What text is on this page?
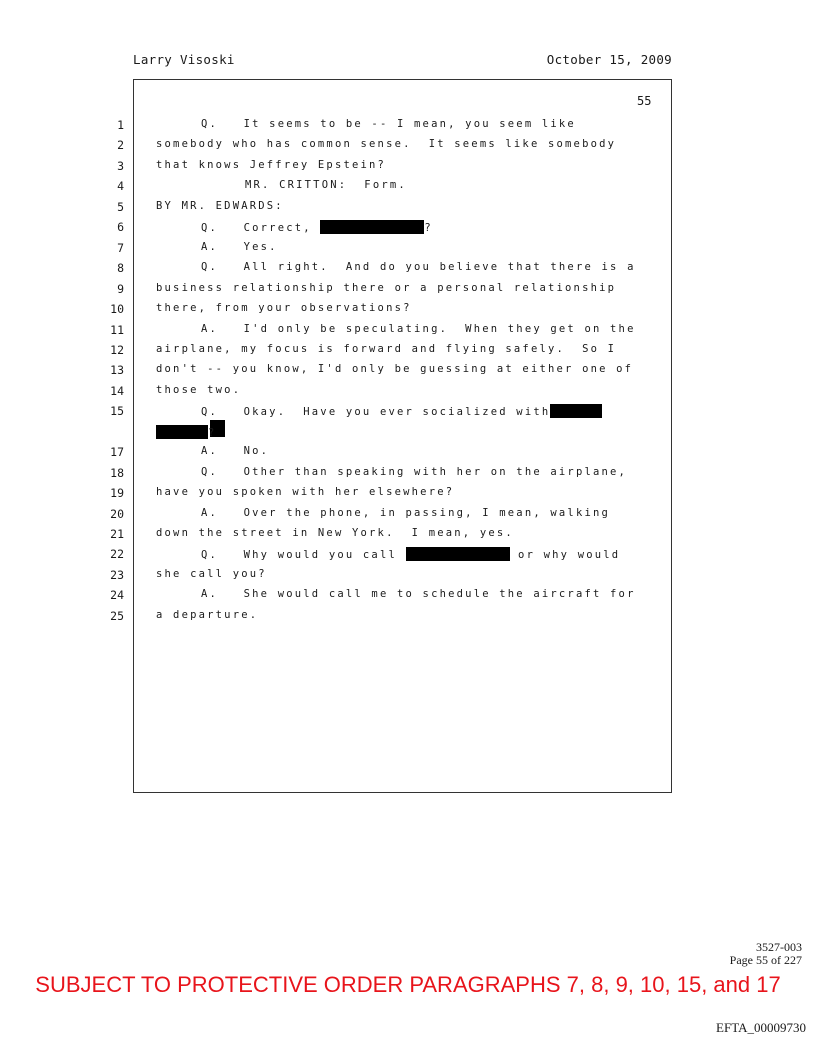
Larry Visoski	October 15, 2009
55
1	Q.   It seems to be -- I mean, you seem like
2	somebody who has common sense.  It seems like somebody
3	that knows Jeffrey Epstein?
4	MR. CRITTON:  Form.
5	BY MR. EDWARDS:
6	Q.   Correct,	?
7	A.   Yes.
8	Q.   All right.  And do you believe that there is a
9	business relationship there or a personal relationship
10	there, from your observations?
11	A.   I'd only be speculating.  When they get on the
12	airplane, my focus is forward and flying safely.  So I
13	don't -- you know, I'd only be guessing at either one of
14	those two.
15	Q.   Okay.  Have you ever socialized with
?
17	A.   No.
18	Q.   Other than speaking with her on the airplane,
19	have you spoken with her elsewhere?
20	A.   Over the phone, in passing, I mean, walking
21	down the street in New York.  I mean, yes.
22	Q.   Why would you call	or why would
23	she call you?
24	A.   She would call me to schedule the aircraft for
25	a departure.
3527-003
Page 55 of 227
SUBJECT TO PROTECTIVE ORDER PARAGRAPHS 7, 8, 9, 10, 15, and 17
EFTA_00009730
